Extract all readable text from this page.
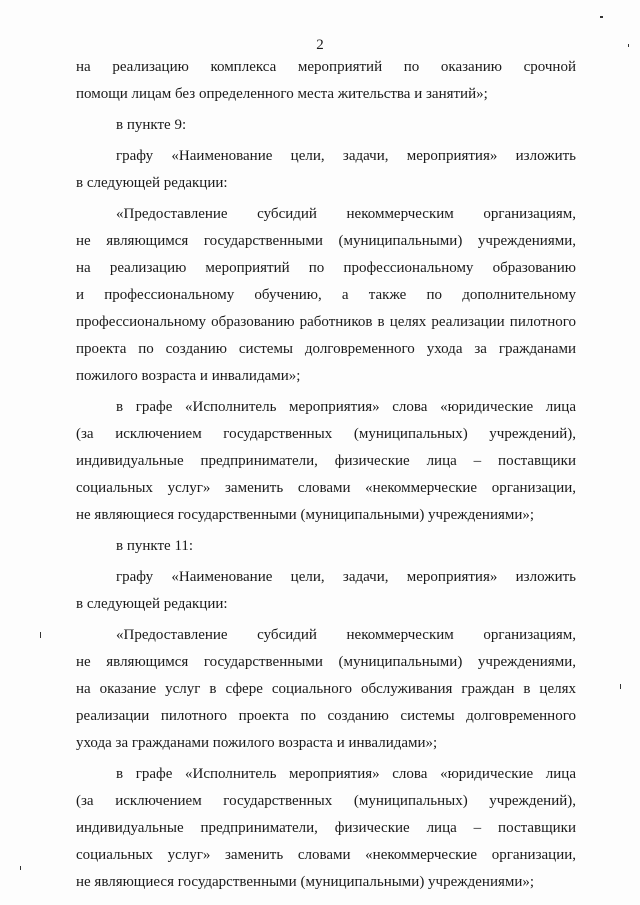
2
на реализацию комплекса мероприятий по оказанию срочной
помощи лицам без определенного места жительства и занятий»;
в пункте 9:
графу «Наименование цели, задачи, мероприятия» изложить
в следующей редакции:
«Предоставление субсидий некоммерческим организациям,
не являющимся государственными (муниципальными) учреждениями,
на реализацию мероприятий по профессиональному образованию
и профессиональному обучению, а также по дополнительному
профессиональному образованию работников в целях реализации пилотного
проекта по созданию системы долговременного ухода за гражданами
пожилого возраста и инвалидами»;
в графе «Исполнитель мероприятия» слова «юридические лица
(за исключением государственных (муниципальных) учреждений),
индивидуальные предприниматели, физические лица – поставщики
социальных услуг» заменить словами «некоммерческие организации,
не являющиеся государственными (муниципальными) учреждениями»;
в пункте 11:
графу «Наименование цели, задачи, мероприятия» изложить
в следующей редакции:
«Предоставление субсидий некоммерческим организациям,
не являющимся государственными (муниципальными) учреждениями,
на оказание услуг в сфере социального обслуживания граждан в целях
реализации пилотного проекта по созданию системы долговременного
ухода за гражданами пожилого возраста и инвалидами»;
в графе «Исполнитель мероприятия» слова «юридические лица
(за исключением государственных (муниципальных) учреждений),
индивидуальные предприниматели, физические лица – поставщики
социальных услуг» заменить словами «некоммерческие организации,
не являющиеся государственными (муниципальными) учреждениями»;
